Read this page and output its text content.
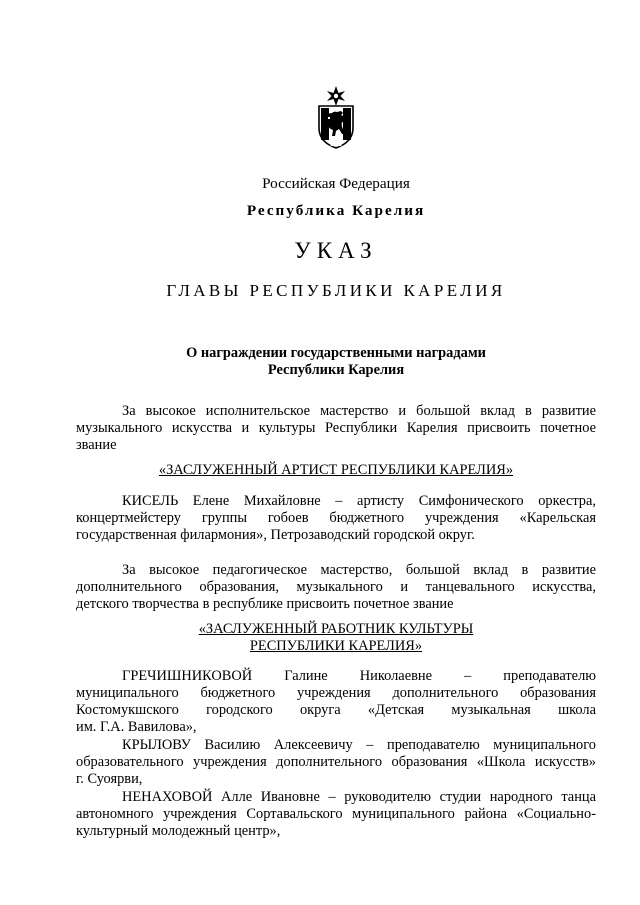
Российская Федерация
Республика Карелия
УКАЗ
ГЛАВЫ РЕСПУБЛИКИ КАРЕЛИЯ
О награждении государственными наградами
Республики Карелия
За высокое исполнительское мастерство и большой вклад в развитие
музыкального искусства и культуры Республики Карелия присвоить почетное
звание
«ЗАСЛУЖЕННЫЙ АРТИСТ РЕСПУБЛИКИ КАРЕЛИЯ»
КИСЕЛЬ Елене Михайловне – артисту Симфонического оркестра,
концертмейстеру группы гобоев бюджетного учреждения «Карельская
государственная филармония», Петрозаводский городской округ.
За высокое педагогическое мастерство, большой вклад в развитие
дополнительного образования, музыкального и танцевального искусства,
детского творчества в республике присвоить почетное звание
«ЗАСЛУЖЕННЫЙ РАБОТНИК КУЛЬТУРЫ
РЕСПУБЛИКИ КАРЕЛИЯ»
ГРЕЧИШНИКОВОЙ Галине Николаевне – преподавателю
муниципального бюджетного учреждения дополнительного образования
Костомукшского городского округа «Детская музыкальная школа
им. Г.А. Вавилова»,
КРЫЛОВУ Василию Алексеевичу – преподавателю муниципального
образовательного учреждения дополнительного образования «Школа искусств»
г. Суоярви,
НЕНАХОВОЙ Алле Ивановне – руководителю студии народного танца
автономного учреждения Сортавальского муниципального района «Социально-
культурный молодежный центр»,
